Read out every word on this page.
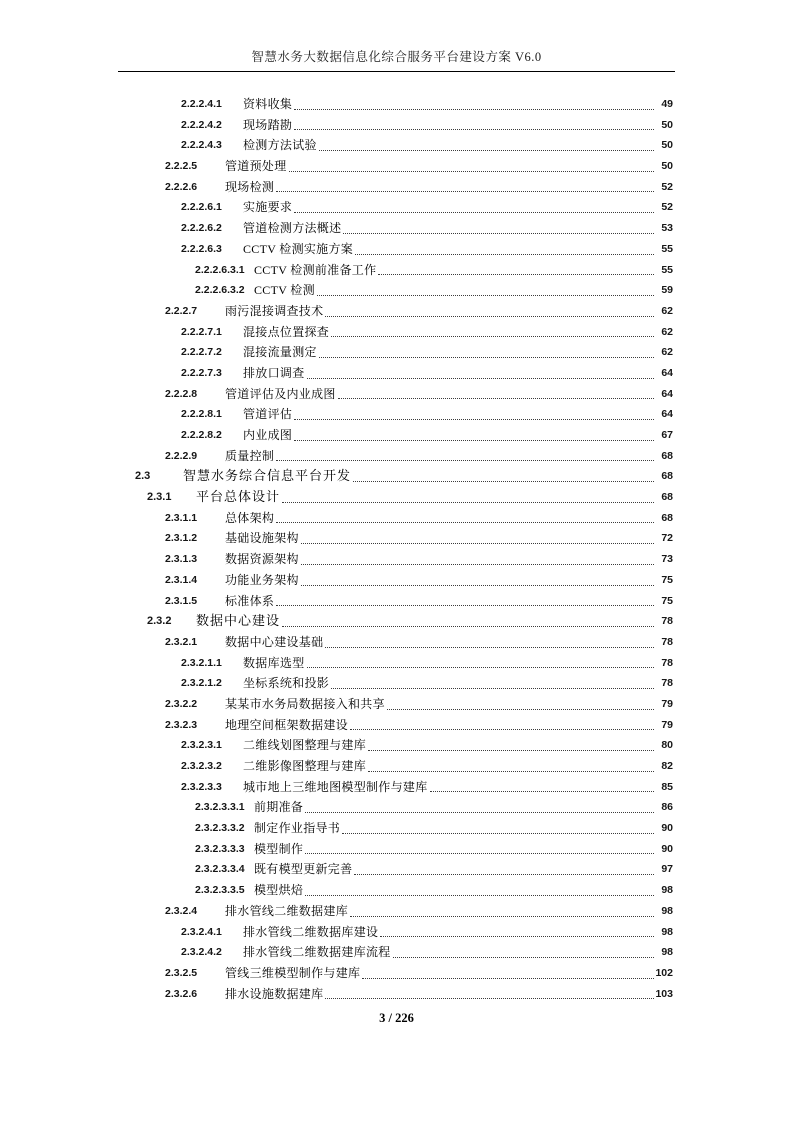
智慧水务大数据信息化综合服务平台建设方案 V6.0
2.2.2.4.1	资料收集	49
2.2.2.4.2	现场踏勘	50
2.2.2.4.3	检测方法试验	50
2.2.2.5	管道预处理	50
2.2.2.6	现场检测	52
2.2.2.6.1	实施要求	52
2.2.2.6.2	管道检测方法概述	53
2.2.2.6.3	CCTV 检测实施方案	55
2.2.2.6.3.1 CCTV 检测前准备工作	55
2.2.2.6.3.2 CCTV 检测	59
2.2.2.7	雨污混接调查技术	62
2.2.2.7.1	混接点位置探查	62
2.2.2.7.2	混接流量测定	62
2.2.2.7.3	排放口调查	64
2.2.2.8	管道评估及内业成图	64
2.2.2.8.1	管道评估	64
2.2.2.8.2	内业成图	67
2.2.2.9	质量控制	68
2.3	智慧水务综合信息平台开发	68
2.3.1	平台总体设计	68
2.3.1.1	总体架构	68
2.3.1.2	基础设施架构	72
2.3.1.3	数据资源架构	73
2.3.1.4	功能业务架构	75
2.3.1.5	标准体系	75
2.3.2	数据中心建设	78
2.3.2.1	数据中心建设基础	78
2.3.2.1.1	数据库选型	78
2.3.2.1.2	坐标系统和投影	78
2.3.2.2	某某市水务局数据接入和共享	79
2.3.2.3	地理空间框架数据建设	79
2.3.2.3.1	二维线划图整理与建库	80
2.3.2.3.2	二维影像图整理与建库	82
2.3.2.3.3	城市地上三维地图模型制作与建库	85
2.3.2.3.3.1 前期准备	86
2.3.2.3.3.2 制定作业指导书	90
2.3.2.3.3.3 模型制作	90
2.3.2.3.3.4 既有模型更新完善	97
2.3.2.3.3.5 模型烘焙	98
2.3.2.4	排水管线二维数据建库	98
2.3.2.4.1	排水管线二维数据库建设	98
2.3.2.4.2	排水管线二维数据建库流程	98
2.3.2.5	管线三维模型制作与建库	102
2.3.2.6	排水设施数据建库	103
3 / 226
